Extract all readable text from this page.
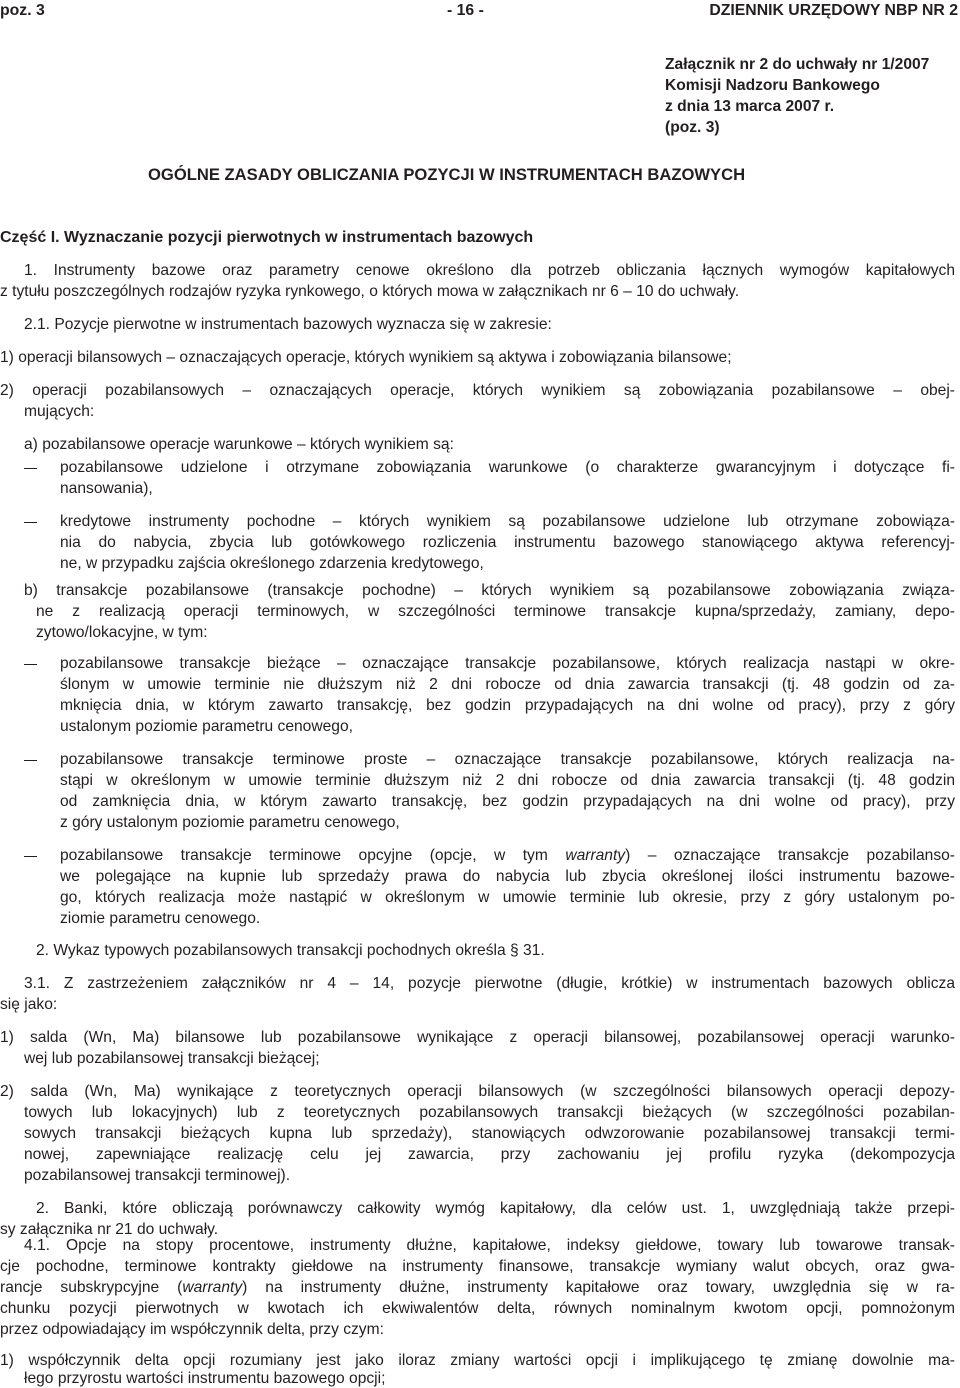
poz. 3	- 16 -	DZIENNIK URZĘDOWY NBP NR 2
Załącznik nr 2 do uchwały nr 1/2007
Komisji Nadzoru Bankowego
z dnia 13 marca 2007 r.
(poz. 3)
OGÓLNE ZASADY OBLICZANIA POZYCJI W INSTRUMENTACH BAZOWYCH
Część I. Wyznaczanie pozycji pierwotnych w instrumentach bazowych
1. Instrumenty bazowe oraz parametry cenowe określono dla potrzeb obliczania łącznych wymogów kapitałowych
z tytułu poszczególnych rodzajów ryzyka rynkowego, o których mowa w załącznikach nr 6 – 10 do uchwały.
2.1. Pozycje pierwotne w instrumentach bazowych wyznacza się w zakresie:
1) operacji bilansowych – oznaczających operacje, których wynikiem są aktywa i zobowiązania bilansowe;
2) operacji pozabilansowych – oznaczających operacje, których wynikiem są zobowiązania pozabilansowe – obej-
mujących:
a) pozabilansowe operacje warunkowe – których wynikiem są:
pozabilansowe udzielone i otrzymane zobowiązania warunkowe (o charakterze gwarancyjnym i dotyczące fi-
nansowania),
kredytowe instrumenty pochodne – których wynikiem są pozabilansowe udzielone lub otrzymane zobowiąza-
nia do nabycia, zbycia lub gotówkowego rozliczenia instrumentu bazowego stanowiącego aktywa referencyj-
ne, w przypadku zajścia określonego zdarzenia kredytowego,
b) transakcje pozabilansowe (transakcje pochodne) – których wynikiem są pozabilansowe zobowiązania związa-
ne z realizacją operacji terminowych, w szczególności terminowe transakcje kupna/sprzedaży, zamiany, depo-
zytowo/lokacyjne, w tym:
pozabilansowe transakcje bieżące – oznaczające transakcje pozabilansowe, których realizacja nastąpi w okre-
ślonym w umowie terminie nie dłuższym niż 2 dni robocze od dnia zawarcia transakcji (tj. 48 godzin od za-
mknięcia dnia, w którym zawarto transakcję, bez godzin przypadających na dni wolne od pracy), przy z góry
ustalonym poziomie parametru cenowego,
pozabilansowe transakcje terminowe proste – oznaczające transakcje pozabilansowe, których realizacja na-
stąpi w określonym w umowie terminie dłuższym niż 2 dni robocze od dnia zawarcia transakcji (tj. 48 godzin
od zamknięcia dnia, w którym zawarto transakcję, bez godzin przypadających na dni wolne od pracy), przy
z góry ustalonym poziomie parametru cenowego,
pozabilansowe transakcje terminowe opcyjne (opcje, w tym warranty) – oznaczające transakcje pozabilanso-
we polegające na kupnie lub sprzedaży prawa do nabycia lub zbycia określonej ilości instrumentu bazowe-
go, których realizacja może nastąpić w określonym w umowie terminie lub okresie, przy z góry ustalonym po-
ziomie parametru cenowego.
2. Wykaz typowych pozabilansowych transakcji pochodnych określa § 31.
3.1. Z zastrzeżeniem załączników nr 4 – 14, pozycje pierwotne (długie, krótkie) w instrumentach bazowych oblicza
się jako:
1) salda (Wn, Ma) bilansowe lub pozabilansowe wynikające z operacji bilansowej, pozabilansowej operacji warunko-
wej lub pozabilansowej transakcji bieżącej;
2) salda (Wn, Ma) wynikające z teoretycznych operacji bilansowych (w szczególności bilansowych operacji depozy-
towych lub lokacyjnych) lub z teoretycznych pozabilansowych transakcji bieżących (w szczególności pozabilan-
sowych transakcji bieżących kupna lub sprzedaży), stanowiących odwzorowanie pozabilansowej transakcji termi-
nowej, zapewniające realizację celu jej zawarcia, przy zachowaniu jej profilu ryzyka (dekompozycja
pozabilansowej transakcji terminowej).
2. Banki, które obliczają porównawczy całkowity wymóg kapitałowy, dla celów ust. 1, uwzględniają także przepi-
sy załącznika nr 21 do uchwały.
4.1. Opcje na stopy procentowe, instrumenty dłużne, kapitałowe, indeksy giełdowe, towary lub towarowe transak-
cje pochodne, terminowe kontrakty giełdowe na instrumenty finansowe, transakcje wymiany walut obcych, oraz gwa-
rancje subskrypcyjne (warranty) na instrumenty dłużne, instrumenty kapitałowe oraz towary, uwzględnia się w ra-
chunku pozycji pierwotnych w kwotach ich ekwiwalentów delta, równych nominalnym kwotom opcji, pomnożonym
przez odpowiadający im współczynnik delta, przy czym:
1) współczynnik delta opcji rozumiany jest jako iloraz zmiany wartości opcji i implikującego tę zmianę dowolnie ma-
łego przyrostu wartości instrumentu bazowego opcji;
